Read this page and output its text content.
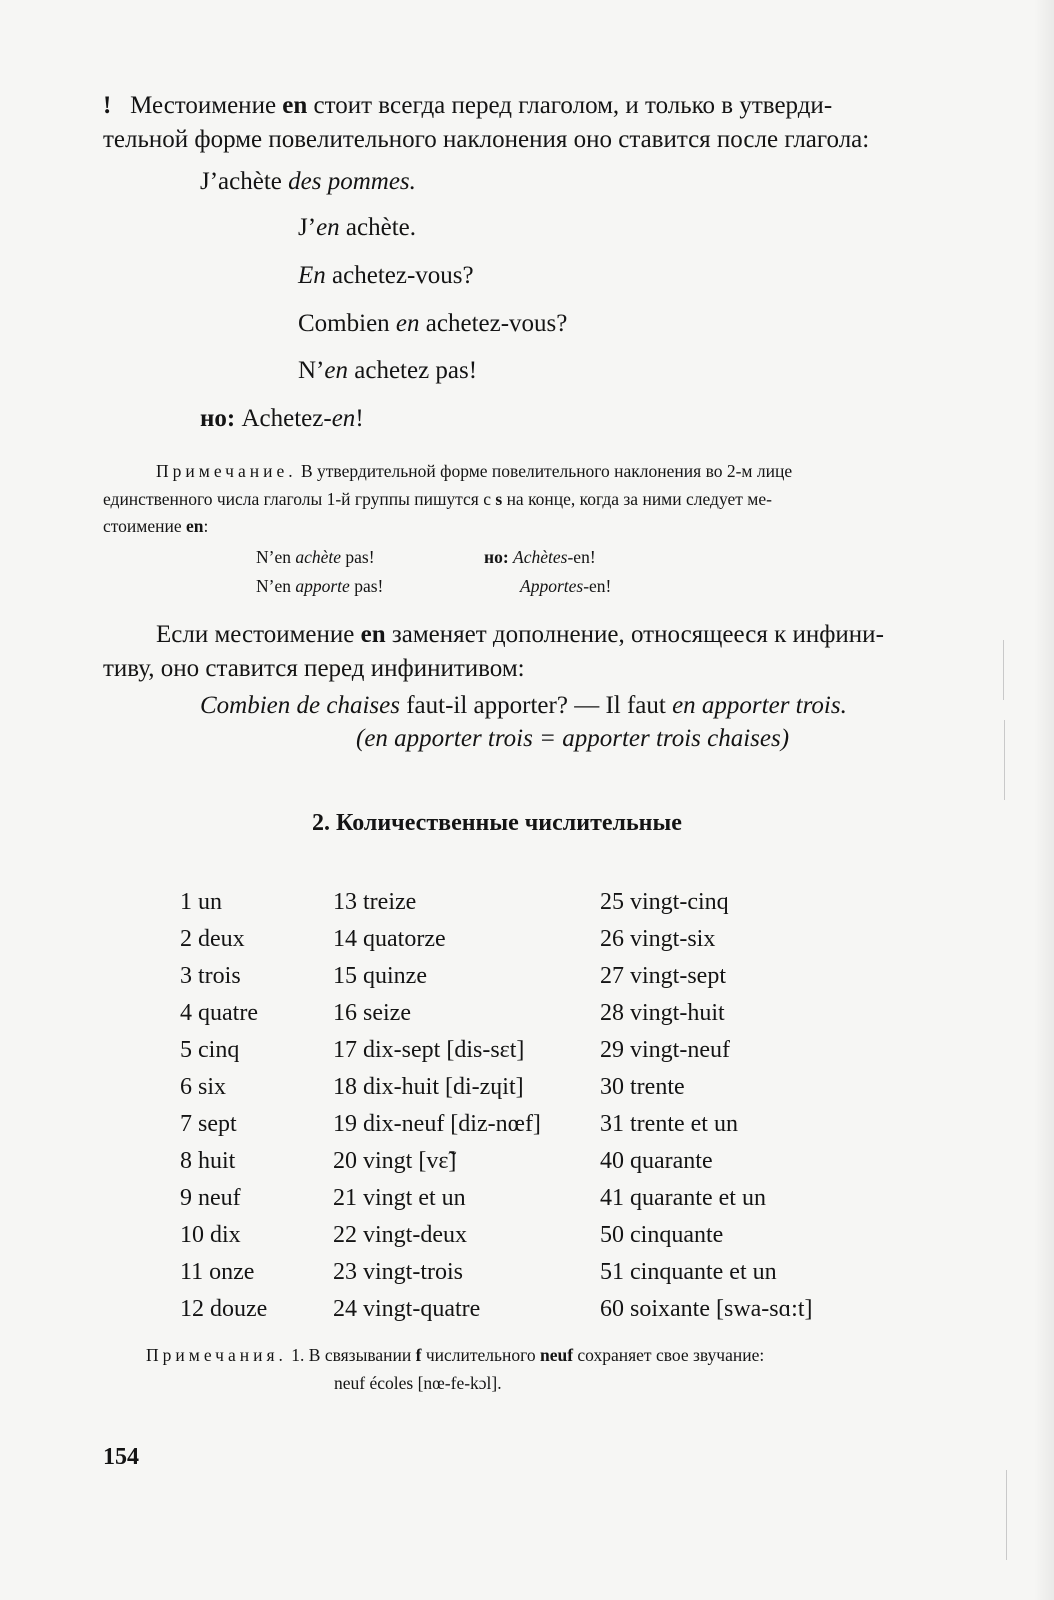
! Местоимение en стоит всегда перед глаголом, и только в утверди-
тельной форме повелительного наклонения оно ставится после глагола:
J’achète des pommes.
J’en achète.
En achetez-vous?
Combien en achetez-vous?
N’en achetez pas!
но: Achetez-en!
Примечание. В утвердительной форме повелительного наклонения во 2-м лице
единственного числа глаголы 1-й группы пишутся с s на конце, когда за ними следует ме-
стоимение en:
N’en achète pas!
N’en apporte pas!
но: Achètes-en!
Apportes-en!
Если местоимение en заменяет дополнение, относящееся к инфини-
тиву, оно ставится перед инфинитивом:
Combien de chaises faut-il apporter? — Il faut en apporter trois.
(en apporter trois = apporter trois chaises)
2. Количественные числительные
1 un
2 deux
3 trois
4 quatre
5 cinq
6 six
7 sept
8 huit
9 neuf
10 dix
11 onze
12 douze
13 treize
14 quatorze
15 quinze
16 seize
17 dix-sept [dis-sɛt]
18 dix-huit [di-zɥit]
19 dix-neuf [diz-nœf]
20 vingt [vɛ̃]
21 vingt et un
22 vingt-deux
23 vingt-trois
24 vingt-quatre
25 vingt-cinq
26 vingt-six
27 vingt-sept
28 vingt-huit
29 vingt-neuf
30 trente
31 trente et un
40 quarante
41 quarante et un
50 cinquante
51 cinquante et un
60 soixante [swa-sɑ:t]
Примечания. 1. В связывании f числительного neuf сохраняет свое звучание:
neuf écoles [nœ-fe-kɔl].
154
